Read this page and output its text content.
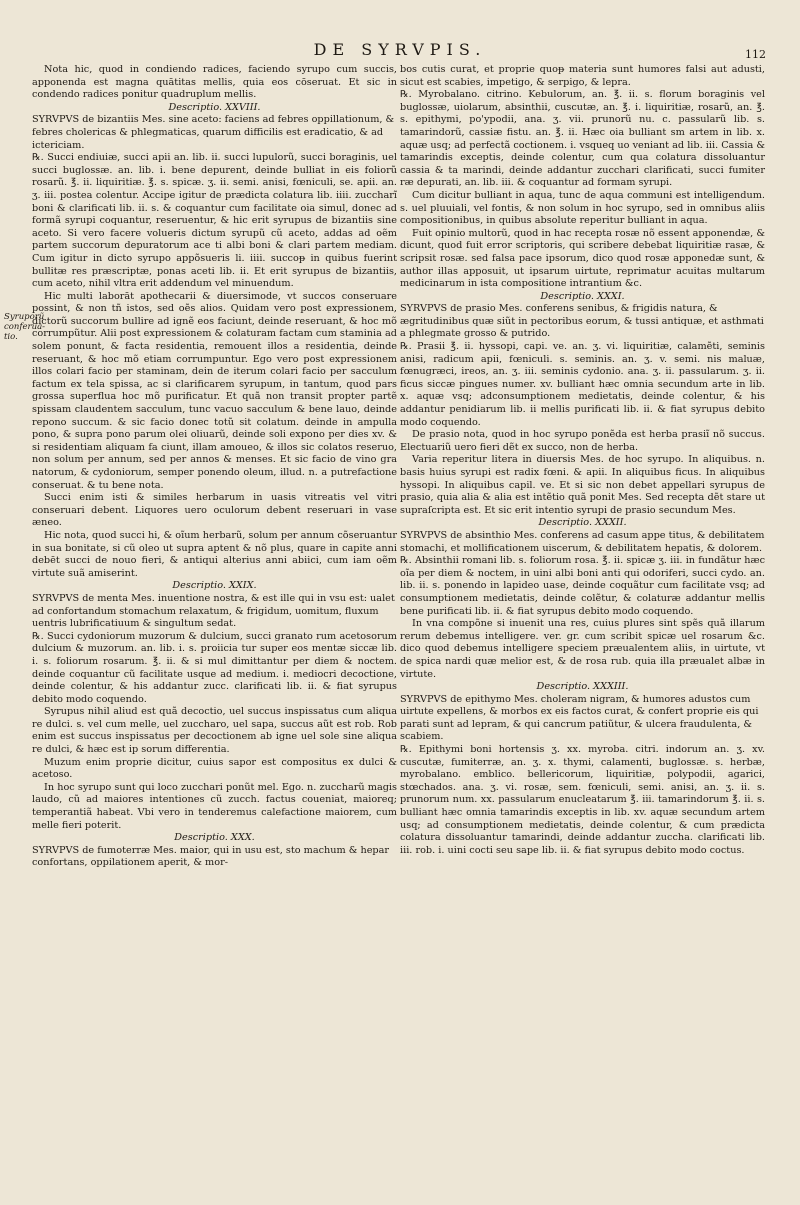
DE SYRVPIS.	112
Syruporũ conferua-tio.

Nota hic, quod in condiendo radices, faciendo syrupo cum succis, apponenda est magna quātitas mellis, quia eos cōseruat. Et sic in condendo radices ponitur quadruplum mellis.

Descriptio. XXVIII.

SYRVPVS de bizantiis Mes. sine aceto: faciens ad febres oppillationum, & febres cholericas & phlegmaticas, quarum difficilis est eradicatio, & ad ictericiam.

℞. Succi endiuiæ, succi apii an. lib. ii. succi lupulorũ, succi boraginis, uel succi buglossæ. an. lib. i. bene depurent, deinde bulliat in eis foliorũ rosarũ. ℥. ii. liquiritiæ. ℥. s. spicæ. ʒ. ii. semi. anisi, fœniculi, se. apii. an. ʒ. iii. postea colentur. Accipe igitur de prædicta colatura lib. iiii. zuccharĩ boni & clarificati lib. ii. s. & coquantur cum facilitate oia simul, donec ad formã syrupi coquantur, reseruentur, & hic erit syrupus de bizantiis sine aceto. Si vero facere volueris dictum syrupũ cũ aceto, addas ad oẽm partem succorum depuratorum ace ti albi boni & clari partem mediam. Cum igitur in dicto syrupo appõsueris li. iiii. succoᵽ in quibus fuerint bullitæ res præscriptæ, ponas aceti lib. ii. Et erit syrupus de bizantiis, cum aceto, nihil vltra erit addendum vel minuendum.

Hic multi laborāt apothecarii & diuersimode, vt succos conseruare possint, & non tñ istos, sed oẽs alios. Quidam vero post expressionem, dictorũ succorum bullire ad ignẽ eos faciunt, deinde reseruant, & hoc mõ corrumpũtur. Alii post expressionem & colaturam factam cum staminia ad solem ponunt, & facta residentia, remouent illos a residentia, deinde reseruant, & hoc mõ etiam corrumpuntur. Ego vero post expressionem illos colari facio per staminam, dein de iterum colari facio per sacculum factum ex tela spissa, ac si clarificarem syrupum, in tantum, quod pars grossa superflua hoc mõ purificatur. Et quã non transit propter partẽ spissam claudentem sacculum, tunc vacuo sacculum & bene lauo, deinde repono succum. & sic facio donec totũ sit colatum. deinde in ampulla pono, & supra pono parum olei oliuarũ, deinde soli expono per dies xv. & si residentiam aliquam fa ciunt, illam amoueo, & illos sic colatos reseruo, non solum per annum, sed per annos & menses. Et sic facio de vino gra natorum, & cydoniorum, semper ponendo oleum, illud. n. a putrefactione conseruat. & tu bene nota.

Succi enim isti & similes herbarum in uasis vitreatis vel vitri conseruari debent. Liquores uero oculorum debent reseruari in vase æneo.

Hic nota, quod succi hi, & oĩum herbarũ, solum per annum cõseruantur in sua bonitate, si cũ oleo ut supra aptent & nõ plus, quare in capite anni debēt succi de nouo fieri, & antiqui alterius anni abiici, cum iam oẽm virtute suã amiserint.

Descriptio. XXIX.

SYRVPVS de menta Mes. inuentione nostra, & est ille qui in vsu est: ualet ad confortandum stomachum relaxatum, & frigidum, uomitum, fluxum uentris lubrificatiuum & singultum sedat.

℞. Succi cydoniorum muzorum & dulcium, succi granato rum acetosorum dulcium & muzorum. an. lib. i. s. proiicia tur super eos mentæ siccæ lib. i. s. foliorum rosarum. ℥. ii. & si mul dimittantur per diem & noctem. deinde coquantur cũ facilitate usque ad medium. i. mediocri decoctione, deinde colentur, & his addantur zucc. clarificati lib. ii. & fiat syrupus debito modo coquendo.

Syrupus nihil aliud est quã decoctio, uel succus inspissatus cum aliqua re dulci. s. vel cum melle, uel zuccharo, uel sapa, succus aũt est rob. Rob enim est succus inspissatus per decoctionem ab igne uel sole sine aliqua re dulci, & hæc est ip sorum differentia.

Muzum enim proprie dicitur, cuius sapor est compositus ex dulci & acetoso.

In hoc syrupo sunt qui loco zucchari ponũt mel. Ego. n. zuccharũ magis laudo, cũ ad maiores intentiones cũ zucch. factus coueniat, maioreq; temperantiã habeat. Vbi vero in tenderemus calefactione maiorem, cum melle fieri poterit.

Descriptio. XXX.

SYRVPVS de fumoterræ Mes. maior, qui in usu est, sto machum & hepar confortans, oppilationem aperit, & mor-

bos cutis curat, et proprie quoᵽ materia sunt humores falsi aut adusti, sicut est scabies, impetigo, & serpigo, & lepra.

℞. Myrobalano. citrino. Kebulorum, an. ℥. ii. s. florum boraginis vel buglossæ, uiolarum, absinthii, cuscutæ, an. ℥. i. liquiritiæ, rosarũ, an. ℥. s. epithymi, po'ypodii, ana. ʒ. vii. prunorũ nu. c. passularũ lib. s. tamarindorũ, cassiæ fistu. an. ℥. ii. Hæc oia bulliant sm artem in lib. x. aquæ usq; ad perfectã coctionem. i. vsqueq uo veniant ad lib. iii. Cassia & tamarindis exceptis, deinde colentur, cum qua colatura dissoluantur cassia & ta marindi, deinde addantur zucchari clarificati, succi fumiter ræ depurati, an. lib. iii. & coquantur ad formam syrupi.

Cum dicitur bulliant in aqua, tunc de aqua communi est intelligendum. s. uel pluuiali, vel fontis, & non solum in hoc syrupo, sed in omnibus aliis compositionibus, in quibus absolute reperitur bulliant in aqua.

Fuit opinio multorũ, quod in hac recepta rosæ nõ essent apponendæ, & dicunt, quod fuit error scriptoris, qui scribere debebat liquiritiæ rasæ, & scripsit rosæ. sed falsa pace ipsorum, dico quod rosæ apponedæ sunt, & author illas apposuit, ut ipsarum uirtute, reprimatur acuitas multarum medicinarum in ista compositione intrantium &c.

Descriptio. XXXI.

SYRVPVS de prasio Mes. conferens senibus, & frigidis natura, & ægritudinibus quæ siũt in pectoribus eorum, & tussi antiquæ, et asthmati a phlegmate grosso & putrido.

℞. Prasii ℥. ii. hyssopi, capi. ve. an. ʒ. vi. liquiritiæ, calamẽti, seminis anisi, radicum apii, fœniculi. s. seminis. an. ʒ. v. semi. nis maluæ, fœnugræci, ireos, an. ʒ. iii. seminis cydonio. ana. ʒ. ii. passularum. ʒ. ii. ficus siccæ pingues numer. xv. bulliant hæc omnia secundum arte in lib. x. aquæ vsq; adconsumptionem medietatis, deinde colentur, & his addantur penidiarum lib. ii mellis purificati lib. ii. & fiat syrupus debito modo coquendo.

De prasio nota, quod in hoc syrupo ponẽda est herba prasiĩ nõ succus. Electuariũ uero fieri dẽt ex succo, non de herba.

Varia reperitur litera in diuersis Mes. de hoc syrupo. In aliquibus. n. basis huius syrupi est radix fœni. & apii. In aliquibus ficus. In aliquibus hyssopi. In aliquibus capil. ve. Et si sic non debet appellari syrupus de prasio, quia alia & alia est intẽtio quã ponit Mes. Sed recepta dẽt stare ut supraſcripta est. Et sic erit intentio syrupi de prasio secundum Mes.

Descriptio. XXXII.

SYRVPVS de absinthio Mes. conferens ad casum appe titus, & debilitatem stomachi, et mollificationem uiscerum, & debilitatem hepatis, & dolorem.

℞. Absinthii romani lib. s. foliorum rosa. ℥. ii. spicæ ʒ. iii. in fundãtur hæc oĩa per diem & noctem, in uini albi boni anti qui odoriferi, succi cydo. an. lib. ii. s. ponendo in lapideo uase, deinde coquãtur cum facilitate vsq; ad consumptionem medietatis, deinde colẽtur, & colaturæ addantur mellis bene purificati lib. ii. & fiat syrupus debito modo coquendo.

In vna compõne si inuenit una res, cuius plures sint spẽs quã illarum rerum debemus intelligere. ver. gr. cum scribit spicæ uel rosarum &c. dico quod debemus intelligere speciem præualentem aliis, in uirtute, vt de spica nardi quæ melior est, & de rosa rub. quia illa præualet albæ in virtute.

Descriptio. XXXIII.

SYRVPVS de epithymo Mes. choleram nigram, & humores adustos cum uirtute expellens, & morbos ex eis factos curat, & confert proprie eis qui parati sunt ad lepram, & qui cancrum patiũtur, & ulcera fraudulenta, & scabiem.

℞. Epithymi boni hortensis ʒ. xx. myroba. citri. indorum an. ʒ. xv. cuscutæ, fumiterræ, an. ʒ. x. thymi, calamenti, buglossæ. s. herbæ, myrobalano. emblico. bellericorum, liquiritiæ, polypodii, agarici, stœchados. ana. ʒ. vi. rosæ, sem. fœniculi, semi. anisi, an. ʒ. ii. s. prunorum num. xx. passularum enucleatarum ℥. iii. tamarindorum ℥. ii. s. bulliant hæc omnia tamarindis exceptis in lib. xv. aquæ secundum artem usq; ad consumptionem medietatis, deinde colentur, & cum prædicta colatura dissoluantur tamarindi, deinde addantur zuccha. clarificati lib. iii. rob. i. uini cocti seu sape lib. ii. & fiat syrupus debito modo coctus.
